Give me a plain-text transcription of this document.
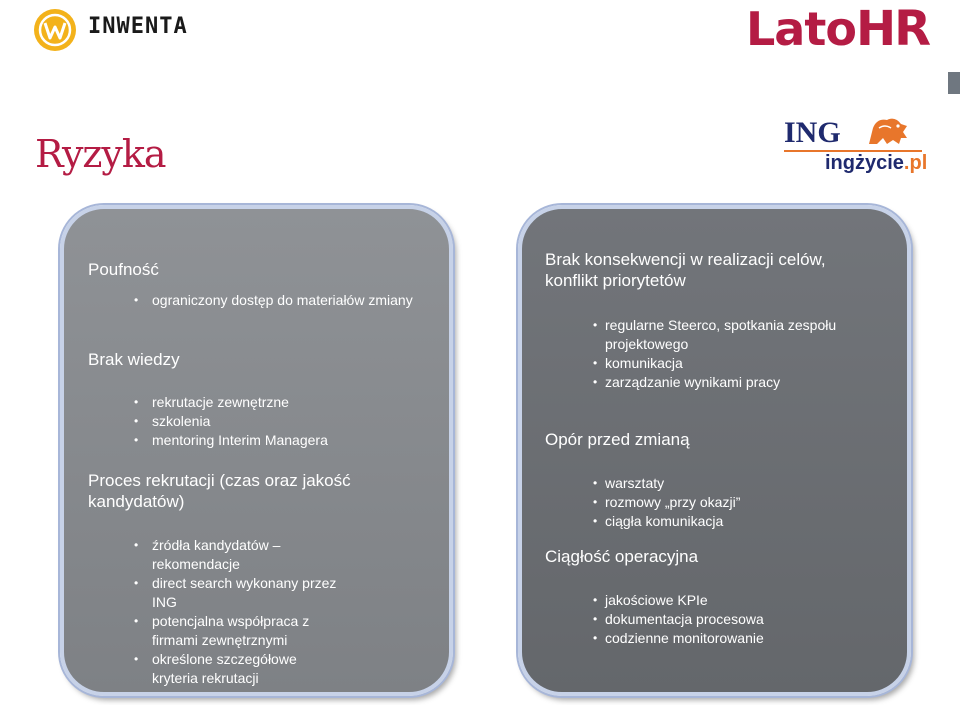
INWENTA	LatoHR
ING
ingżycie.pl
Ryzyka
Poufność
• ograniczony dostęp do materiałów zmiany
Brak wiedzy
• rekrutacje zewnętrzne
• szkolenia
• mentoring Interim Managera
Proces rekrutacji (czas oraz jakość kandydatów)
• źródła kandydatów – rekomendacje
• direct search wykonany przez ING
• potencjalna współpraca z firmami zewnętrznymi
• określone szczegółowe kryteria rekrutacji
Brak konsekwencji w realizacji celów, konflikt priorytetów
• regularne Steerco, spotkania zespołu projektowego
• komunikacja
• zarządzanie wynikami pracy
Opór przed zmianą
• warsztaty
• rozmowy „przy okazji”
• ciągła komunikacja
Ciągłość operacyjna
• jakościowe KPIe
• dokumentacja procesowa
• codzienne monitorowanie
